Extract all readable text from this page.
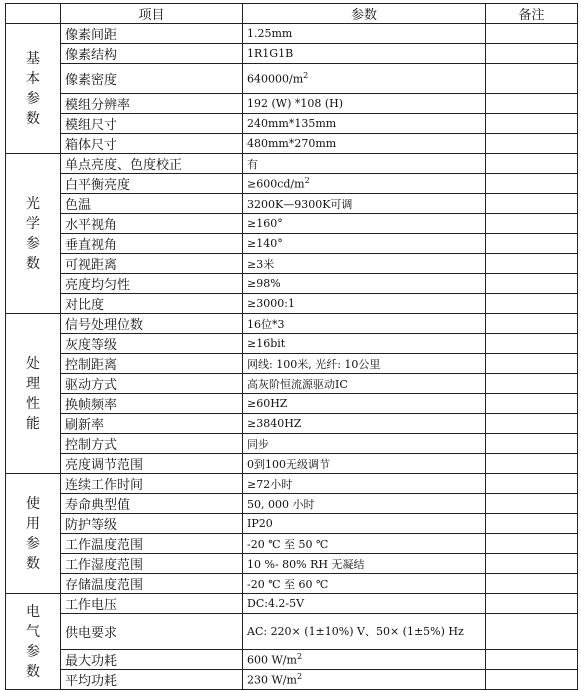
	项目	参数	备注
基本参数	像素间距	1.25mm	
	像素结构	1R1G1B	
	像素密度	$640000/m^2$	
	模组分辨率	192 (W) *108 (H)	
	模组尺寸	240mm*135mm	
	箱体尺寸	480mm*270mm	
光学参数	单点亮度、色度校正	有	
	白平衡亮度	$\ge 600cd/m^2$	
	色温	3200K—9300K可调	
	水平视角	≥160°	
	垂直视角	≥140°	
	可视距离	≥3米	
	亮度均匀性	≥98%	
	对比度	≥3000:1	
处理性能	信号处理位数	16位*3	
	灰度等级	≥16bit	
	控制距离	网线: 100米, 光纤: 10公里	
	驱动方式	高灰阶恒流源驱动IC	
	换帧频率	≥60HZ	
	刷新率	≥3840HZ	
	控制方式	同步	
	亮度调节范围	0到100无级调节	
使用参数	连续工作时间	≥72小时	
	寿命典型值	50, 000 小时	
	防护等级	IP20	
	工作温度范围	-20 ℃ 至 50 ℃	
	工作湿度范围	10 %- 80% RH 无凝结	
	存储温度范围	-20 ℃ 至 60 ℃	
电气参数	工作电压	DC:4.2-5V	
	供电要求	AC: 220× (1±10%) V、50× (1±5%) Hz	
	最大功耗	600 $W/m^2$	
	平均功耗	230 $W/m^2$	
